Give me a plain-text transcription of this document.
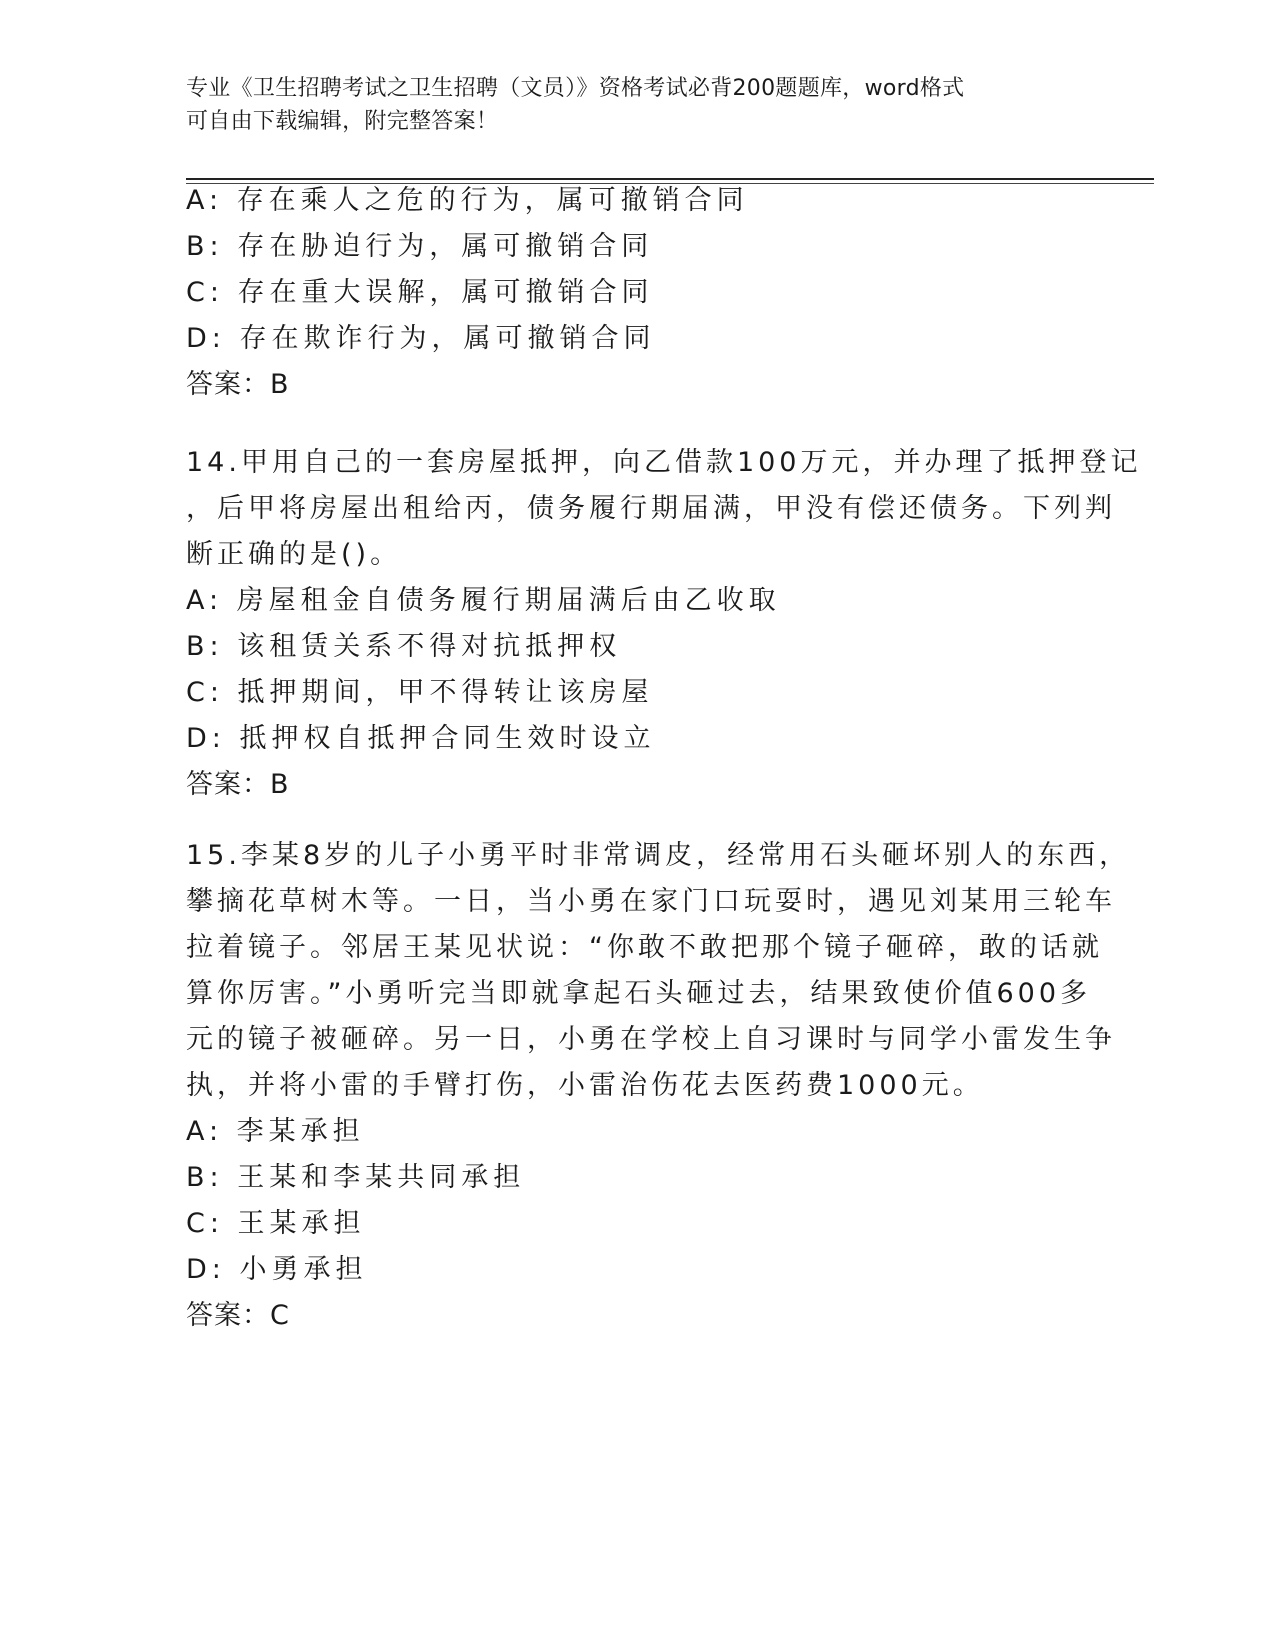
专业《卫生招聘考试之卫生招聘（文员）》资格考试必背200题题库，word格式
可自由下载编辑，附完整答案！
A: 存在乘人之危的行为，属可撤销合同
B: 存在胁迫行为，属可撤销合同
C: 存在重大误解，属可撤销合同
D: 存在欺诈行为，属可撤销合同
答案：B
14.甲用自己的一套房屋抵押，向乙借款100万元，并办理了抵押登记
，后甲将房屋出租给丙，债务履行期届满，甲没有偿还债务。下列判
断正确的是()。
A: 房屋租金自债务履行期届满后由乙收取
B: 该租赁关系不得对抗抵押权
C: 抵押期间，甲不得转让该房屋
D: 抵押权自抵押合同生效时设立
答案：B
15.李某8岁的儿子小勇平时非常调皮，经常用石头砸坏别人的东西，
攀摘花草树木等。一日，当小勇在家门口玩耍时，遇见刘某用三轮车
拉着镜子。邻居王某见状说：“你敢不敢把那个镜子砸碎，敢的话就
算你厉害。”小勇听完当即就拿起石头砸过去，结果致使价值600多
元的镜子被砸碎。另一日，小勇在学校上自习课时与同学小雷发生争
执，并将小雷的手臂打伤，小雷治伤花去医药费1000元。
A: 李某承担
B: 王某和李某共同承担
C: 王某承担
D: 小勇承担
答案：C
